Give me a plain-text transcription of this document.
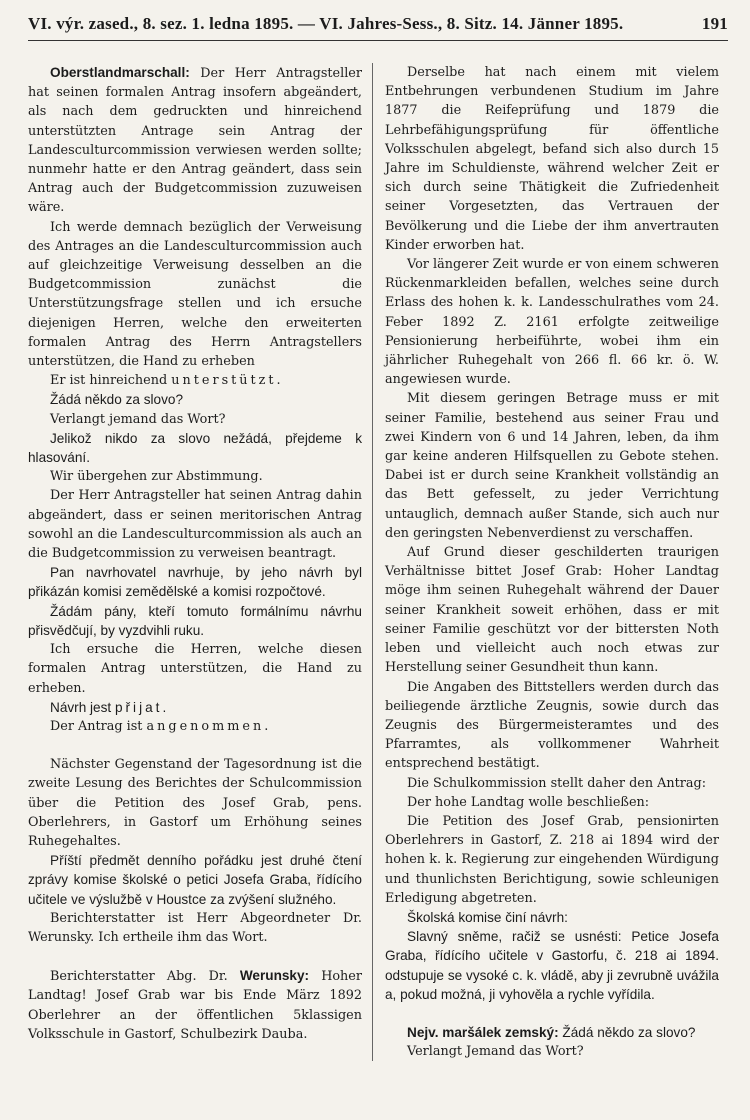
VI. výr. zased., 8. sez. 1. ledna 1895. — VI. Jahres-Sess., 8. Sitz. 14. Jänner 1895.	191

Oberstlandmarschall: Der Herr Antragsteller hat seinen formalen Antrag insofern abgeändert, als nach dem gedruckten und hinreichend unterstützten Antrage sein Antrag der Landesculturcommission verwiesen werden sollte; nunmehr hatte er den Antrag geändert, dass sein Antrag auch der Budgetcommission zuzuweisen wäre.

Ich werde demnach bezüglich der Verweisung des Antrages an die Landesculturcommission auch auf gleichzeitige Verweisung desselben an die Budgetcommission zunächst die Unterstützungsfrage stellen und ich ersuche diejenigen Herren, welche den erweiterten formalen Antrag des Herrn Antragstellers unterstützen, die Hand zu erheben

Er ist hinreichend unterstützt.

Žádá někdo za slovo?

Verlangt jemand das Wort?

Jelikož nikdo za slovo nežádá, přejdeme k hlasování.

Wir übergehen zur Abstimmung.

Der Herr Antragsteller hat seinen Antrag dahin abgeändert, dass er seinen meritorischen Antrag sowohl an die Landesculturcommission als auch an die Budgetcommission zu verweisen beantragt.

Pan navrhovatel navrhuje, by jeho návrh byl přikázán komisi zemědělské a komisi rozpočtové.

Žádám pány, kteří tomuto formálnímu návrhu přisvědčují, by vyzdvihli ruku.

Ich ersuche die Herren, welche diesen formalen Antrag unterstützen, die Hand zu erheben.

Návrh jest přijat.

Der Antrag ist angenommen.

Nächster Gegenstand der Tagesordnung ist die zweite Lesung des Berichtes der Schulcommission über die Petition des Josef Grab, pens. Oberlehrers, in Gastorf um Erhöhung seines Ruhegehaltes.

Příští předmět denního pořádku jest druhé čtení zprávy komise školské o petici Josefa Graba, řídícího učitele ve výslužbě v Houstce za zvýšení služného.

Berichterstatter ist Herr Abgeordneter Dr. Werunsky. Ich ertheile ihm das Wort.

Berichterstatter Abg. Dr. Werunsky: Hoher Landtag! Josef Grab war bis Ende März 1892 Oberlehrer an der öffentlichen 5klassigen Volksschule in Gastorf, Schulbezirk Dauba.

Derselbe hat nach einem mit vielem Entbehrungen verbundenen Studium im Jahre 1877 die Reifeprüfung und 1879 die Lehrbefähigungsprüfung für öffentliche Volksschulen abgelegt, befand sich also durch 15 Jahre im Schuldienste, während welcher Zeit er sich durch seine Thätigkeit die Zufriedenheit seiner Vorgesetzten, das Vertrauen der Bevölkerung und die Liebe der ihm anvertrauten Kinder erworben hat.

Vor längerer Zeit wurde er von einem schweren Rückenmarkleiden befallen, welches seine durch Erlass des hohen k. k. Landesschulrathes vom 24. Feber 1892 Z. 2161 erfolgte zeitweilige Pensionierung herbeiführte, wobei ihm ein jährlicher Ruhegehalt von 266 fl. 66 kr. ö. W. angewiesen wurde.

Mit diesem geringen Betrage muss er mit seiner Familie, bestehend aus seiner Frau und zwei Kindern von 6 und 14 Jahren, leben, da ihm gar keine anderen Hilfsquellen zu Gebote stehen. Dabei ist er durch seine Krankheit vollständig an das Bett gefesselt, zu jeder Verrichtung untauglich, demnach außer Stande, sich auch nur den geringsten Nebenverdienst zu verschaffen.

Auf Grund dieser geschilderten traurigen Verhältnisse bittet Josef Grab: Hoher Landtag möge ihm seinen Ruhegehalt während der Dauer seiner Krankheit soweit erhöhen, dass er mit seiner Familie geschützt vor der bittersten Noth leben und vielleicht auch noch etwas zur Herstellung seiner Gesundheit thun kann.

Die Angaben des Bittstellers werden durch das beiliegende ärztliche Zeugnis, sowie durch das Zeugnis des Bürgermeisteramtes und des Pfarramtes, als vollkommener Wahrheit entsprechend bestätigt.

Die Schulkommission stellt daher den Antrag:

Der hohe Landtag wolle beschließen:

Die Petition des Josef Grab, pensionirten Oberlehrers in Gastorf, Z. 218 ai 1894 wird der hohen k. k. Regierung zur eingehenden Würdigung und thunlichsten Berichtigung, sowie schleunigen Erledigung abgetreten.

Školská komise činí návrh:

Slavný sněme, račiž se usnésti: Petice Josefa Graba, řídícího učitele v Gastorfu, č. 218 ai 1894. odstupuje se vysoké c. k. vládě, aby ji zevrubně uvážila a, pokud možná, ji vyhověla a rychle vyřídila.

Nejv. maršálek zemský: Žádá někdo za slovo?

Verlangt Jemand das Wort?
